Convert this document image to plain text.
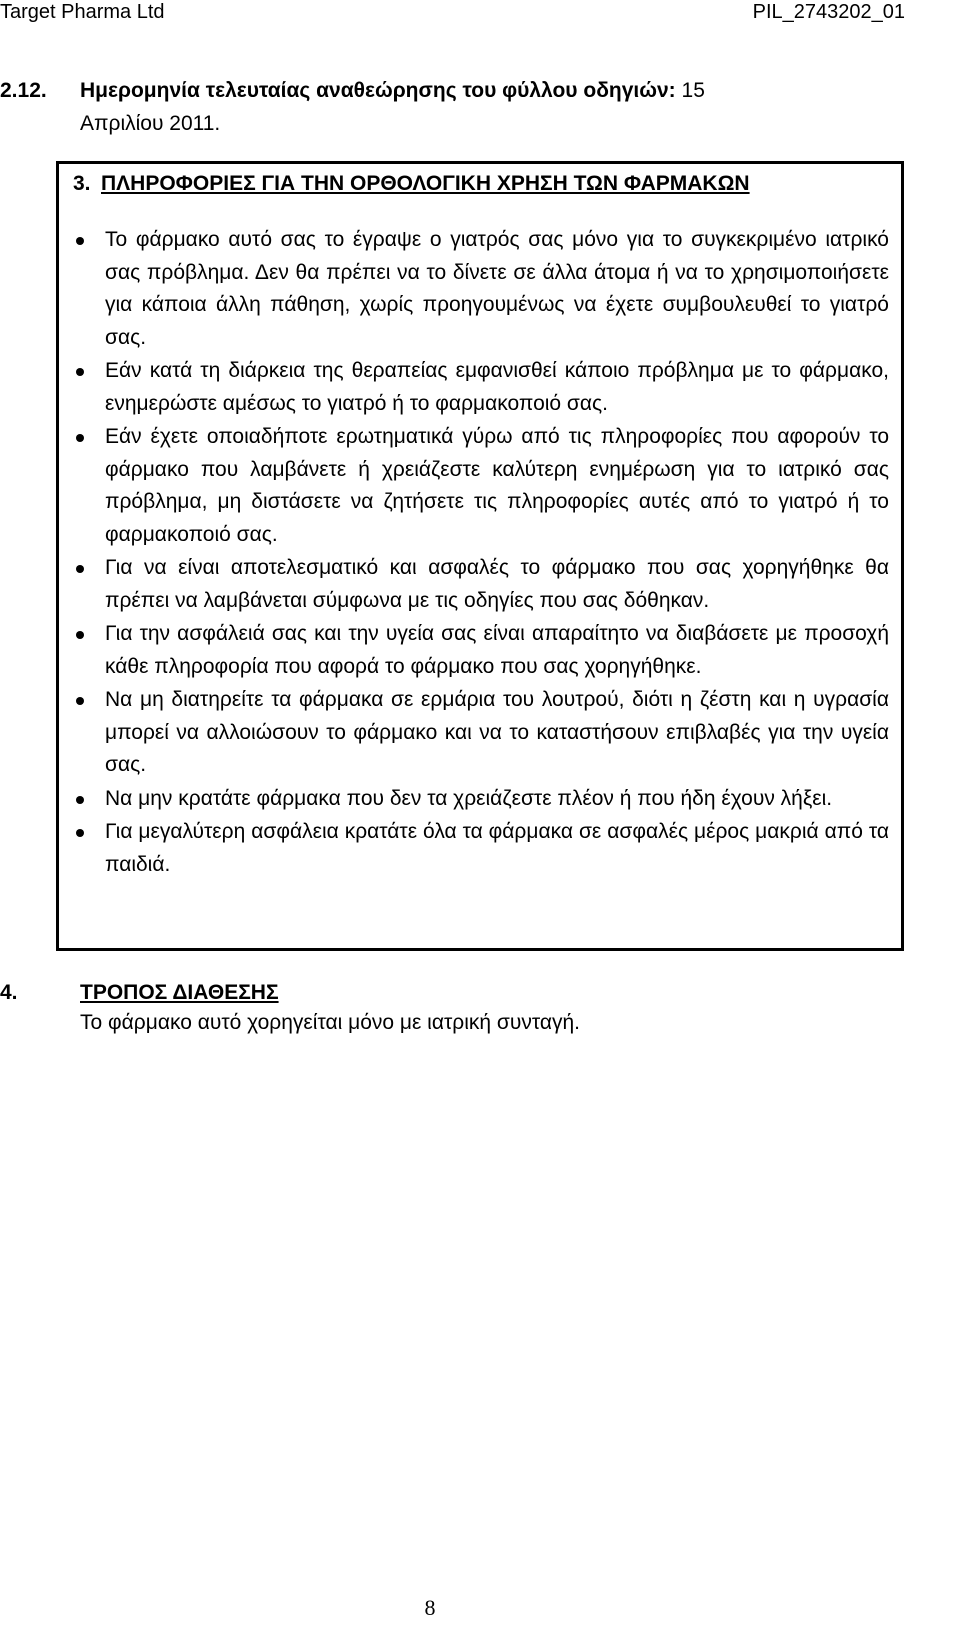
Target Pharma Ltd	PIL_2743202_01
2.12. Ημερομηνία τελευταίας αναθεώρησης του φύλλου οδηγιών: 15
Απριλίου 2011.
3. ΠΛΗΡΟΦΟΡΙΕΣ ΓΙΑ ΤΗΝ ΟΡΘΟΛΟΓΙΚΗ ΧΡΗΣΗ ΤΩΝ ΦΑΡΜΑΚΩΝ
Το φάρμακο αυτό σας το έγραψε ο γιατρός σας μόνο για το συγκεκριμένο ιατρικό σας πρόβλημα. Δεν θα πρέπει να το δίνετε σε άλλα άτομα ή να το χρησιμοποιήσετε για κάποια άλλη πάθηση, χωρίς προηγουμένως να έχετε συμβουλευθεί το γιατρό σας.
Εάν κατά τη διάρκεια της θεραπείας εμφανισθεί κάποιο πρόβλημα με το φάρμακο, ενημερώστε αμέσως το γιατρό ή το φαρμακοποιό σας.
Εάν έχετε οποιαδήποτε ερωτηματικά γύρω από τις πληροφορίες που αφορούν το φάρμακο που λαμβάνετε ή χρειάζεστε καλύτερη ενημέρωση για το ιατρικό σας πρόβλημα, μη διστάσετε να ζητήσετε τις πληροφορίες αυτές από το γιατρό ή το φαρμακοποιό σας.
Για να είναι αποτελεσματικό και ασφαλές το φάρμακο που σας χορηγήθηκε θα πρέπει να λαμβάνεται σύμφωνα με τις οδηγίες που σας δόθηκαν.
Για την ασφάλειά σας και την υγεία σας είναι απαραίτητο να διαβάσετε με προσοχή κάθε πληροφορία που αφορά το φάρμακο που σας χορηγήθηκε.
Να μη διατηρείτε τα φάρμακα σε ερμάρια του λουτρού, διότι η ζέστη και η υγρασία μπορεί να αλλοιώσουν το φάρμακο και να το καταστήσουν επιβλαβές για την υγεία σας.
Να μην κρατάτε φάρμακα που δεν τα χρειάζεστε πλέον ή που ήδη έχουν λήξει.
Για μεγαλύτερη ασφάλεια κρατάτε όλα τα φάρμακα σε ασφαλές μέρος μακριά από τα παιδιά.
4.	ΤΡΟΠΟΣ ΔΙΑΘΕΣΗΣ
Το φάρμακο αυτό χορηγείται μόνο με ιατρική συνταγή.
8
